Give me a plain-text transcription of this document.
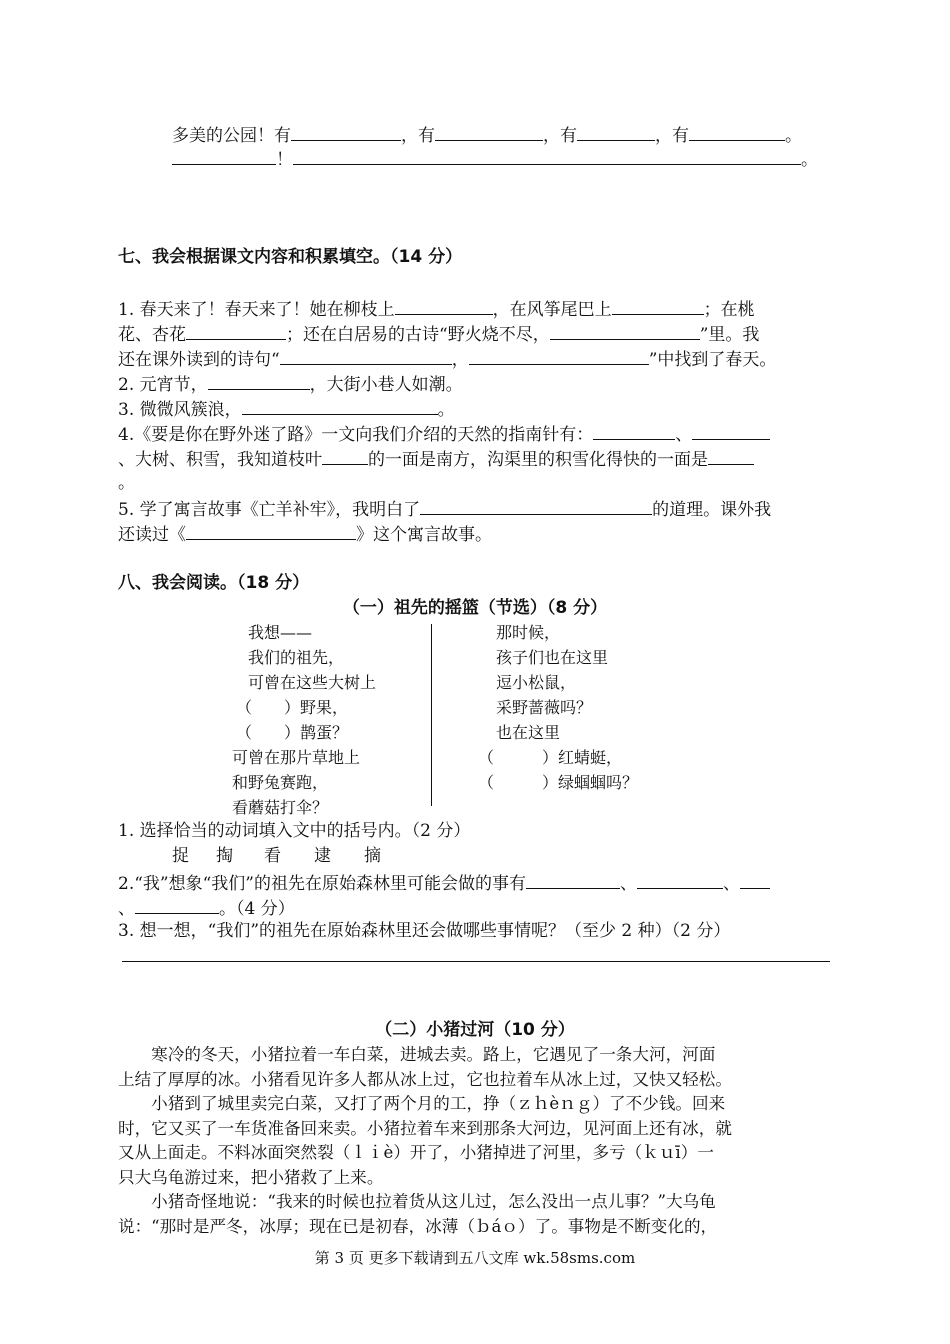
多美的公园！有	，有	，有	，有	。
！	。
七、我会根据课文内容和积累填空。（14 分）
1. 春天来了！春天来了！她在柳枝上	，在风筝尾巴上	；在桃
花、杏花	；还在白居易的古诗“野火烧不尽，	”里。我
还在课外读到的诗句“	，	”中找到了春天。
2. 元宵节，	，大街小巷人如潮。
3. 微微风簇浪，	。
4.《要是你在野外迷了路》一文向我们介绍的天然的指南针有：	、
、大树、积雪，我知道枝叶	的一面是南方，沟渠里的积雪化得快的一面是
。
5. 学了寓言故事《亡羊补牢》，我明白了	的道理。课外我
还读过《	》这个寓言故事。
八、我会阅读。（18 分）
（一）祖先的摇篮（节选）（8 分）
我想——
我们的祖先，
可曾在这些大树上
（　　）野果，
（　　）鹊蛋？
可曾在那片草地上
和野兔赛跑，
看蘑菇打伞？
那时候，
孩子们也在这里
逗小松鼠，
采野蔷薇吗？
也在这里
（　　　）红蜻蜓，
（　　　）绿蝈蝈吗？
1. 选择恰当的动词填入文中的括号内。（2 分）
捉 掏 看 逮 摘
2.“我”想象“我们”的祖先在原始森林里可能会做的事有	、	、
、	。（4 分）
3. 想一想，“我们”的祖先在原始森林里还会做哪些事情呢？（至少 2 种）（2 分）
（二）小猪过河（10 分）
　　寒冷的冬天，小猪拉着一车白菜，进城去卖。路上，它遇见了一条大河，河面
上结了厚厚的冰。小猪看见许多人都从冰上过，它也拉着车从冰上过，又快又轻松。
　　小猪到了城里卖完白菜，又打了两个月的工，挣（ｚｈèｎｇ）了不少钱。回来
时，它又买了一车货准备回来卖。小猪拉着车来到那条大河边，见河面上还有冰，就
又从上面走。不料冰面突然裂（ｌｉè）开了，小猪掉进了河里，多亏（ｋｕī）一
只大乌龟游过来，把小猪救了上来。
　　小猪奇怪地说：“我来的时候也拉着货从这儿过，怎么没出一点儿事？”大乌龟
说：“那时是严冬，冰厚；现在已是初春，冰薄（ｂáｏ）了。事物是不断变化的，
第 3 页 更多下载请到五八文库 wk.58sms.com
